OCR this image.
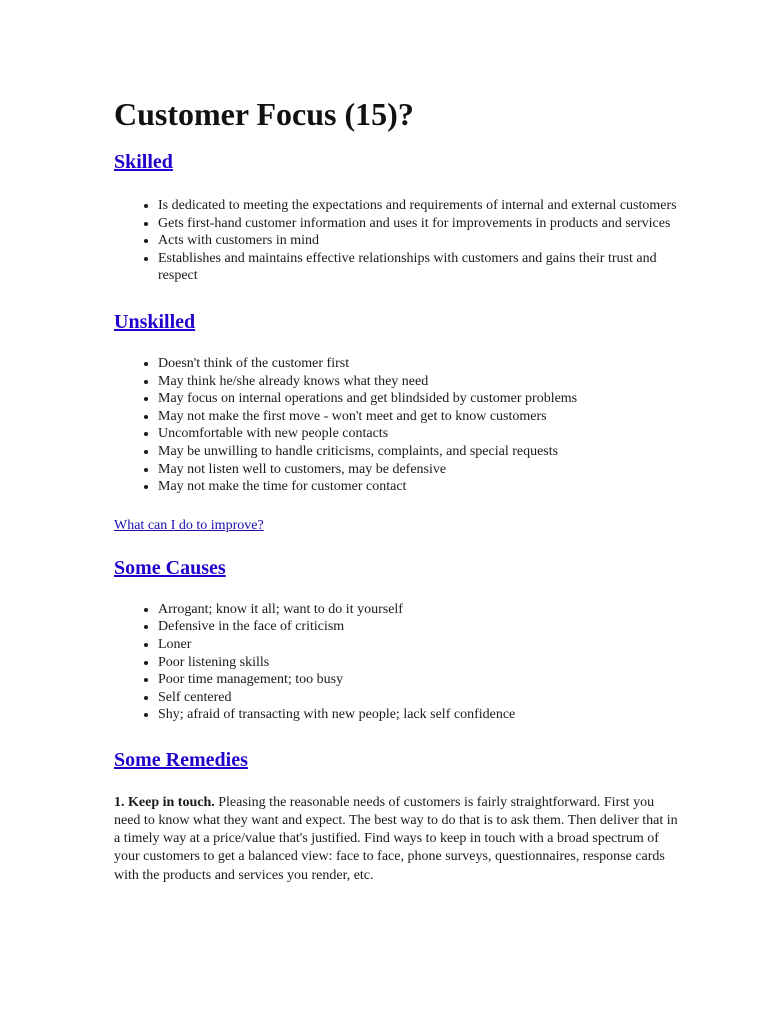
Customer Focus (15)?
Skilled
• Is dedicated to meeting the expectations and requirements of internal and external customers
• Gets first-hand customer information and uses it for improvements in products and services
• Acts with customers in mind
• Establishes and maintains effective relationships with customers and gains their trust and respect
Unskilled
• Doesn't think of the customer first
• May think he/she already knows what they need
• May focus on internal operations and get blindsided by customer problems
• May not make the first move - won't meet and get to know customers
• Uncomfortable with new people contacts
• May be unwilling to handle criticisms, complaints, and special requests
• May not listen well to customers, may be defensive
• May not make the time for customer contact
What can I do to improve?
Some Causes
• Arrogant; know it all; want to do it yourself
• Defensive in the face of criticism
• Loner
• Poor listening skills
• Poor time management; too busy
• Self centered
• Shy; afraid of transacting with new people; lack self confidence
Some Remedies

1. Keep in touch. Pleasing the reasonable needs of customers is fairly straightforward. First you need to know what they want and expect. The best way to do that is to ask them. Then deliver that in a timely way at a price/value that's justified. Find ways to keep in touch with a broad spectrum of your customers to get a balanced view: face to face, phone surveys, questionnaires, response cards with the products and services you render, etc.
